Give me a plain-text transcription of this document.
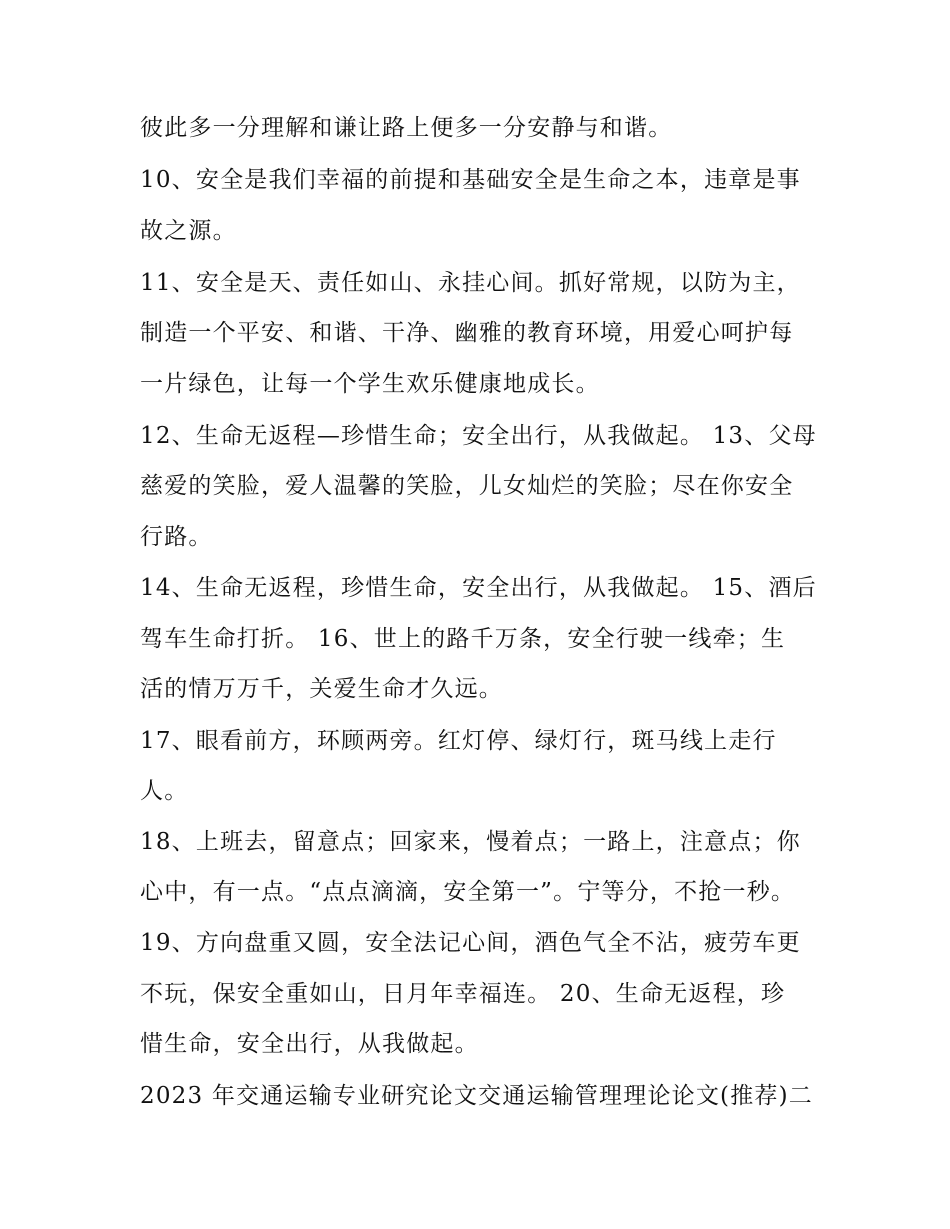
彼此多一分理解和谦让路上便多一分安静与和谐。

10、安全是我们幸福的前提和基础安全是生命之本，违章是事

故之源。

11、安全是天、责任如山、永挂心间。抓好常规，以防为主，

制造一个平安、和谐、干净、幽雅的教育环境，用爱心呵护每

一片绿色，让每一个学生欢乐健康地成长。

12、生命无返程—珍惜生命；安全出行，从我做起。 13、父母

慈爱的笑脸，爱人温馨的笑脸，儿女灿烂的笑脸；尽在你安全

行路。

14、生命无返程，珍惜生命，安全出行，从我做起。 15、酒后

驾车生命打折。 16、世上的路千万条，安全行驶一线牵；生

活的情万万千，关爱生命才久远。

17、眼看前方，环顾两旁。红灯停、绿灯行，斑马线上走行

人。

18、上班去，留意点；回家来，慢着点；一路上，注意点；你

心中，有一点。“点点滴滴，安全第一”。宁等分，不抢一秒。

19、方向盘重又圆，安全法记心间，酒色气全不沾，疲劳车更

不玩，保安全重如山，日月年幸福连。 20、生命无返程，珍

惜生命，安全出行，从我做起。

2023 年交通运输专业研究论文交通运输管理理论论文(推荐)二
